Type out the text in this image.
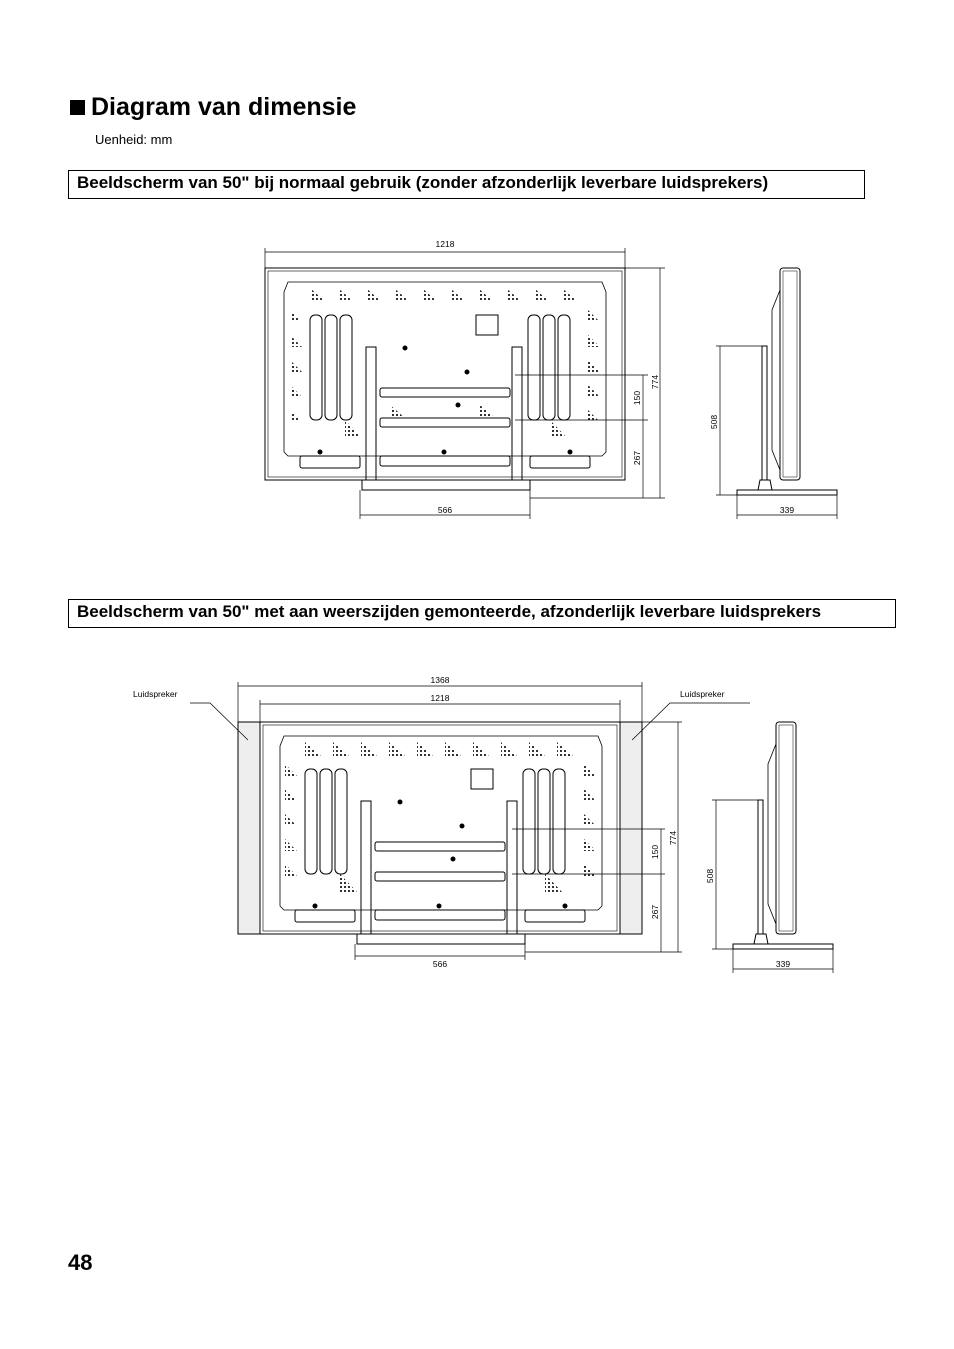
Diagram van dimensie
Uenheid: mm
Beeldscherm van 50" bij normaal gebruik (zonder afzonderlijk leverbare luidsprekers)
1218
566
774
150
267
508
339
Beeldscherm van 50" met aan weerszijden gemonteerde, afzonderlijk leverbare luidsprekers
Luidspreker	Luidspreker
1368
1218
566
774
150
267
508
339
48
